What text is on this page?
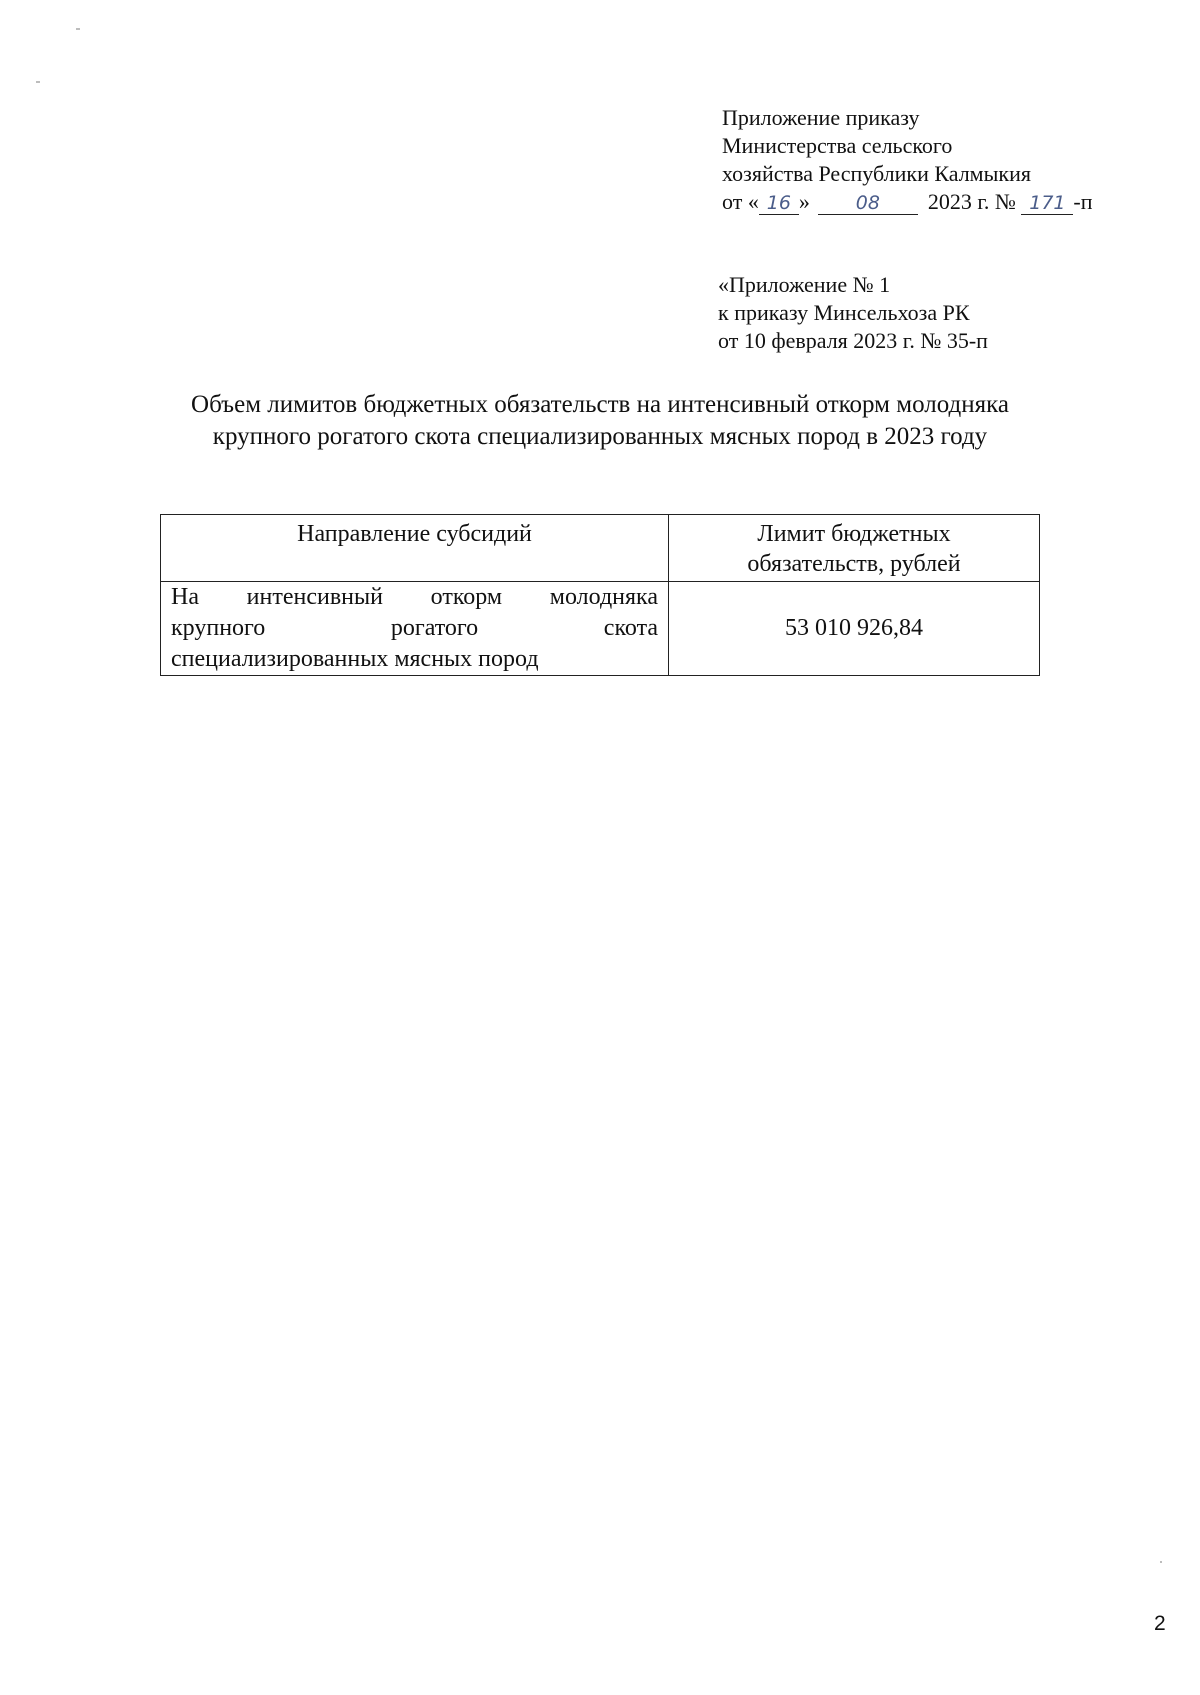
Приложение приказу
Министерства сельского
хозяйства Республики Калмыкия
от « 16 » 08 2023 г. № 171 -п
«Приложение № 1
к приказу Минсельхоза РК
от 10 февраля 2023 г. № 35-п
Объем лимитов бюджетных обязательств на интенсивный откорм молодняка
крупного рогатого скота специализированных мясных пород в 2023 году
Направление субсидий	Лимит бюджетных
обязательств, рублей

На интенсивный откорм молодняка
крупного рогатого скота
специализированных мясных пород	53 010 926,84
2
